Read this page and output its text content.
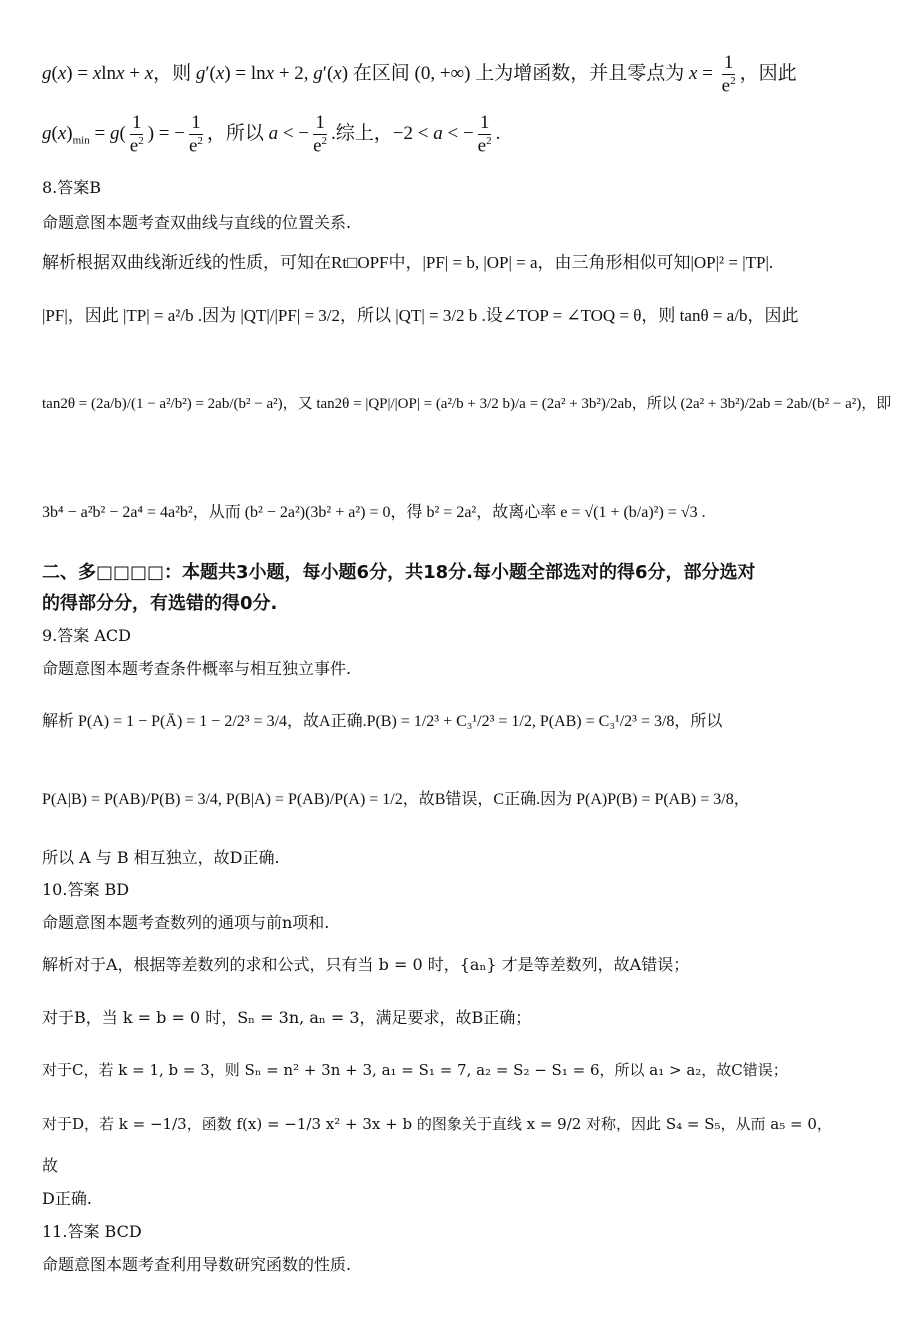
g(x) = xlnx + x，则 g′(x) = lnx + 2, g′(x) 在区间 (0, +∞) 上为增函数，并且零点为 $x = \frac{1}{e^2}$ ，因此
$g(x)_{min} = g( \frac{1}{e^2}$ ) = − $\frac{1}{e^2}$ ，所以 a < − $\frac{1}{e^2}$ .综上，−2 < a < − $\frac{1}{e^2}$ .
8.答案B
命题意图本题考查双曲线与直线的位置关系.
解析根据双曲线渐近线的性质，可知在Rt□OPF中，|PF| = b, |OP| = a，由三角形相似可知|OP|² = |TP|.
|PF|，因此 |TP| = a²/b .因为 |QT|/|PF| = 3/2，所以 |QT| = 3/2 b .设∠TOP = ∠TOQ = θ，则 tanθ = a/b，因此
tan2θ = (2a/b)/(1 − a²/b²) = 2ab/(b² − a²)，又 tan2θ = |QP|/|OP| = (a²/b + 3/2 b)/a = (2a² + 3b²)/2ab，所以 (2a² + 3b²)/2ab = 2ab/(b² − a²)，即
3b⁴ − a²b² − 2a⁴ = 4a²b²，从而 (b² − 2a²)(3b² + a²) = 0，得 b² = 2a²，故离心率 e = √(1 + (b/a)²) = √3 .
二、多□□□□：本题共3小题，每小题6分，共18分.每小题全部选对的得6分，部分选对
的得部分分，有选错的得0分.
9.答案 ACD
命题意图本题考查条件概率与相互独立事件.
解析 P(A) = 1 − P(Ā) = 1 − 2/2³ = 3/4，故A正确.P(B) = 1/2³ + C₃¹/2³ = 1/2, P(AB) = C₃¹/2³ = 3/8，所以
P(A|B) = P(AB)/P(B) = 3/4, P(B|A) = P(AB)/P(A) = 1/2，故B错误，C正确.因为 P(A)P(B) = P(AB) = 3/8，
所以 A 与 B 相互独立，故D正确.
10.答案 BD
命题意图本题考查数列的通项与前n项和.
解析对于A，根据等差数列的求和公式，只有当 b = 0 时，{aₙ} 才是等差数列，故A错误；
对于B，当 k = b = 0 时，Sₙ = 3n, aₙ = 3，满足要求，故B正确；
对于C，若 k = 1, b = 3，则 Sₙ = n² + 3n + 3, a₁ = S₁ = 7, a₂ = S₂ − S₁ = 6，所以 a₁ > a₂，故C错误；
对于D，若 k = −1/3，函数 f(x) = −1/3 x² + 3x + b 的图象关于直线 x = 9/2 对称，因此 S₄ = S₅，从而 a₅ = 0，
故
D正确.
11.答案 BCD
命题意图本题考查利用导数研究函数的性质.
